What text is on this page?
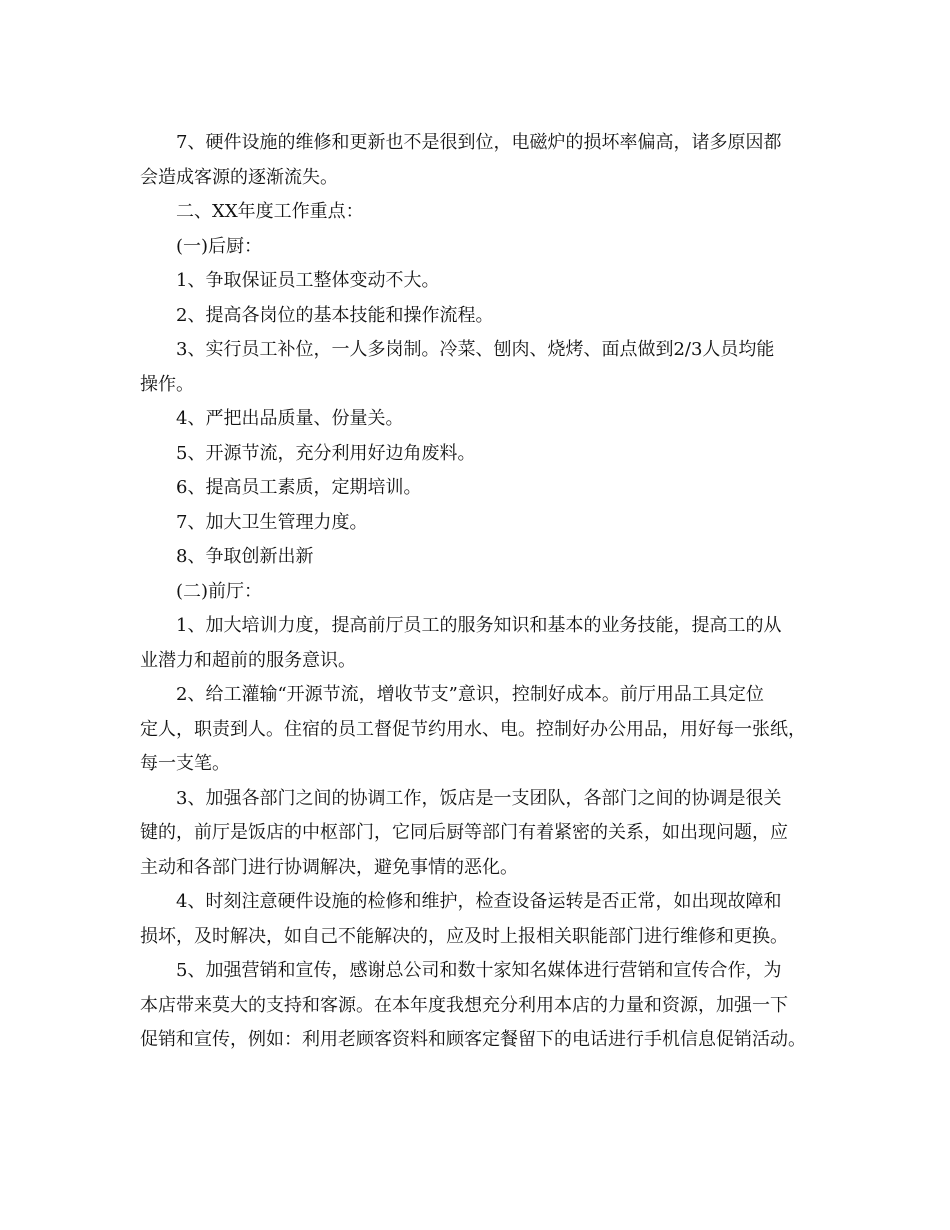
7、硬件设施的维修和更新也不是很到位，电磁炉的损坏率偏高，诸多原因都
会造成客源的逐渐流失。

二、XX年度工作重点：

(一)后厨：

1、争取保证员工整体变动不大。

2、提高各岗位的基本技能和操作流程。

3、实行员工补位，一人多岗制。冷菜、刨肉、烧烤、面点做到2/3人员均能
操作。

4、严把出品质量、份量关。

5、开源节流，充分利用好边角废料。

6、提高员工素质，定期培训。

7、加大卫生管理力度。

8、争取创新出新

(二)前厅：

1、加大培训力度，提高前厅员工的服务知识和基本的业务技能，提高工的从
业潜力和超前的服务意识。

2、给工灌输“开源节流，增收节支”意识，控制好成本。前厅用品工具定位
定人，职责到人。住宿的员工督促节约用水、电。控制好办公用品，用好每一张纸，
每一支笔。

3、加强各部门之间的协调工作，饭店是一支团队，各部门之间的协调是很关
键的，前厅是饭店的中枢部门，它同后厨等部门有着紧密的关系，如出现问题，应
主动和各部门进行协调解决，避免事情的恶化。

4、时刻注意硬件设施的检修和维护，检查设备运转是否正常，如出现故障和
损坏，及时解决，如自己不能解决的，应及时上报相关职能部门进行维修和更换。

5、加强营销和宣传，感谢总公司和数十家知名媒体进行营销和宣传合作，为
本店带来莫大的支持和客源。在本年度我想充分利用本店的力量和资源，加强一下
促销和宣传，例如：利用老顾客资料和顾客定餐留下的电话进行手机信息促销活动。
